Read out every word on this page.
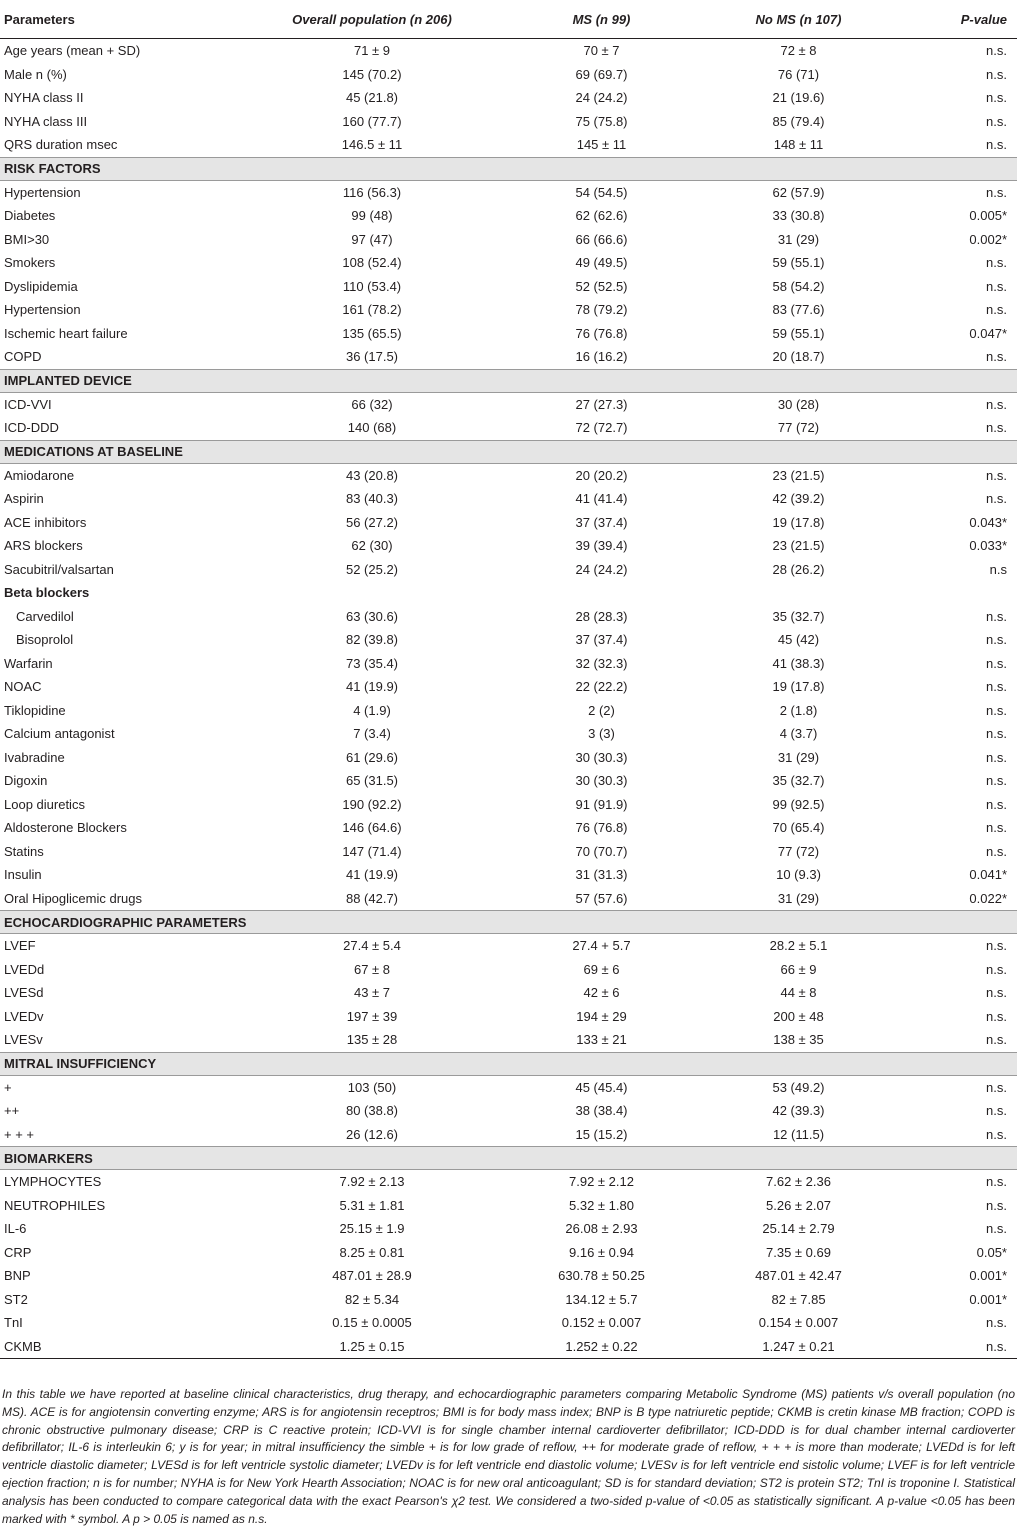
Parameters	Overall population (n 206)	MS (n 99)	No MS (n 107)	P-value
Age years (mean + SD)	71 ± 9	70 ± 7	72 ± 8	n.s.
Male n (%)	145 (70.2)	69 (69.7)	76 (71)	n.s.
NYHA class II	45 (21.8)	24 (24.2)	21 (19.6)	n.s.
NYHA class III	160 (77.7)	75 (75.8)	85 (79.4)	n.s.
QRS duration msec	146.5 ± 11	145 ± 11	148 ± 11	n.s.
RISK FACTORS				
Hypertension	116 (56.3)	54 (54.5)	62 (57.9)	n.s.
Diabetes	99 (48)	62 (62.6)	33 (30.8)	0.005*
BMI>30	97 (47)	66 (66.6)	31 (29)	0.002*
Smokers	108 (52.4)	49 (49.5)	59 (55.1)	n.s.
Dyslipidemia	110 (53.4)	52 (52.5)	58 (54.2)	n.s.
Hypertension	161 (78.2)	78 (79.2)	83 (77.6)	n.s.
Ischemic heart failure	135 (65.5)	76 (76.8)	59 (55.1)	0.047*
COPD	36 (17.5)	16 (16.2)	20 (18.7)	n.s.
IMPLANTED DEVICE				
ICD-VVI	66 (32)	27 (27.3)	30 (28)	n.s.
ICD-DDD	140 (68)	72 (72.7)	77 (72)	n.s.
MEDICATIONS AT BASELINE				
Amiodarone	43 (20.8)	20 (20.2)	23 (21.5)	n.s.
Aspirin	83 (40.3)	41 (41.4)	42 (39.2)	n.s.
ACE inhibitors	56 (27.2)	37 (37.4)	19 (17.8)	0.043*
ARS blockers	62 (30)	39 (39.4)	23 (21.5)	0.033*
Sacubitril/valsartan	52 (25.2)	24 (24.2)	28 (26.2)	n.s
Beta blockers				
Carvedilol	63 (30.6)	28 (28.3)	35 (32.7)	n.s.
Bisoprolol	82 (39.8)	37 (37.4)	45 (42)	n.s.
Warfarin	73 (35.4)	32 (32.3)	41 (38.3)	n.s.
NOAC	41 (19.9)	22 (22.2)	19 (17.8)	n.s.
Tiklopidine	4 (1.9)	2 (2)	2 (1.8)	n.s.
Calcium antagonist	7 (3.4)	3 (3)	4 (3.7)	n.s.
Ivabradine	61 (29.6)	30 (30.3)	31 (29)	n.s.
Digoxin	65 (31.5)	30 (30.3)	35 (32.7)	n.s.
Loop diuretics	190 (92.2)	91 (91.9)	99 (92.5)	n.s.
Aldosterone Blockers	146 (64.6)	76 (76.8)	70 (65.4)	n.s.
Statins	147 (71.4)	70 (70.7)	77 (72)	n.s.
Insulin	41 (19.9)	31 (31.3)	10 (9.3)	0.041*
Oral Hipoglicemic drugs	88 (42.7)	57 (57.6)	31 (29)	0.022*
ECHOCARDIOGRAPHIC PARAMETERS				
LVEF	27.4 ± 5.4	27.4 + 5.7	28.2 ± 5.1	n.s.
LVEDd	67 ± 8	69 ± 6	66 ± 9	n.s.
LVESd	43 ± 7	42 ± 6	44 ± 8	n.s.
LVEDv	197 ± 39	194 ± 29	200 ± 48	n.s.
LVESv	135 ± 28	133 ± 21	138 ± 35	n.s.
MITRAL INSUFFICIENCY				
+	103 (50)	45 (45.4)	53 (49.2)	n.s.
++	80 (38.8)	38 (38.4)	42 (39.3)	n.s.
+ + +	26 (12.6)	15 (15.2)	12 (11.5)	n.s.
BIOMARKERS				
LYMPHOCYTES	7.92 ± 2.13	7.92 ± 2.12	7.62 ± 2.36	n.s.
NEUTROPHILES	5.31 ± 1.81	5.32 ± 1.80	5.26 ± 2.07	n.s.
IL-6	25.15 ± 1.9	26.08 ± 2.93	25.14 ± 2.79	n.s.
CRP	8.25 ± 0.81	9.16 ± 0.94	7.35 ± 0.69	0.05*
BNP	487.01 ± 28.9	630.78 ± 50.25	487.01 ± 42.47	0.001*
ST2	82 ± 5.34	134.12 ± 5.7	82 ± 7.85	0.001*
TnI	0.15 ± 0.0005	0.152 ± 0.007	0.154 ± 0.007	n.s.
CKMB	1.25 ± 0.15	1.252 ± 0.22	1.247 ± 0.21	n.s.

In this table we have reported at baseline clinical characteristics, drug therapy, and echocardiographic parameters comparing Metabolic Syndrome (MS) patients v/s overall population (no MS). ACE is for angiotensin converting enzyme; ARS is for angiotensin receptros; BMI is for body mass index; BNP is B type natriuretic peptide; CKMB is cretin kinase MB fraction; COPD is chronic obstructive pulmonary disease; CRP is C reactive protein; ICD-VVI is for single chamber internal cardioverter defibrillator; ICD-DDD is for dual chamber internal cardioverter defibrillator; IL-6 is interleukin 6; y is for year; in mitral insufficiency the simble + is for low grade of reflow, ++ for moderate grade of reflow, + + + is more than moderate; LVEDd is for left ventricle diastolic diameter; LVESd is for left ventricle systolic diameter; LVEDv is for left ventricle end diastolic volume; LVESv is for left ventricle end sistolic volume; LVEF is for left ventricle ejection fraction; n is for number; NYHA is for New York Hearth Association; NOAC is for new oral anticoagulant; SD is for standard deviation; ST2 is protein ST2; TnI is troponine I. Statistical analysis has been conducted to compare categorical data with the exact Pearson's χ2 test. We considered a two-sided p-value of <0.05 as statistically significant. A p-value <0.05 has been marked with * symbol. A p > 0.05 is named as n.s.
